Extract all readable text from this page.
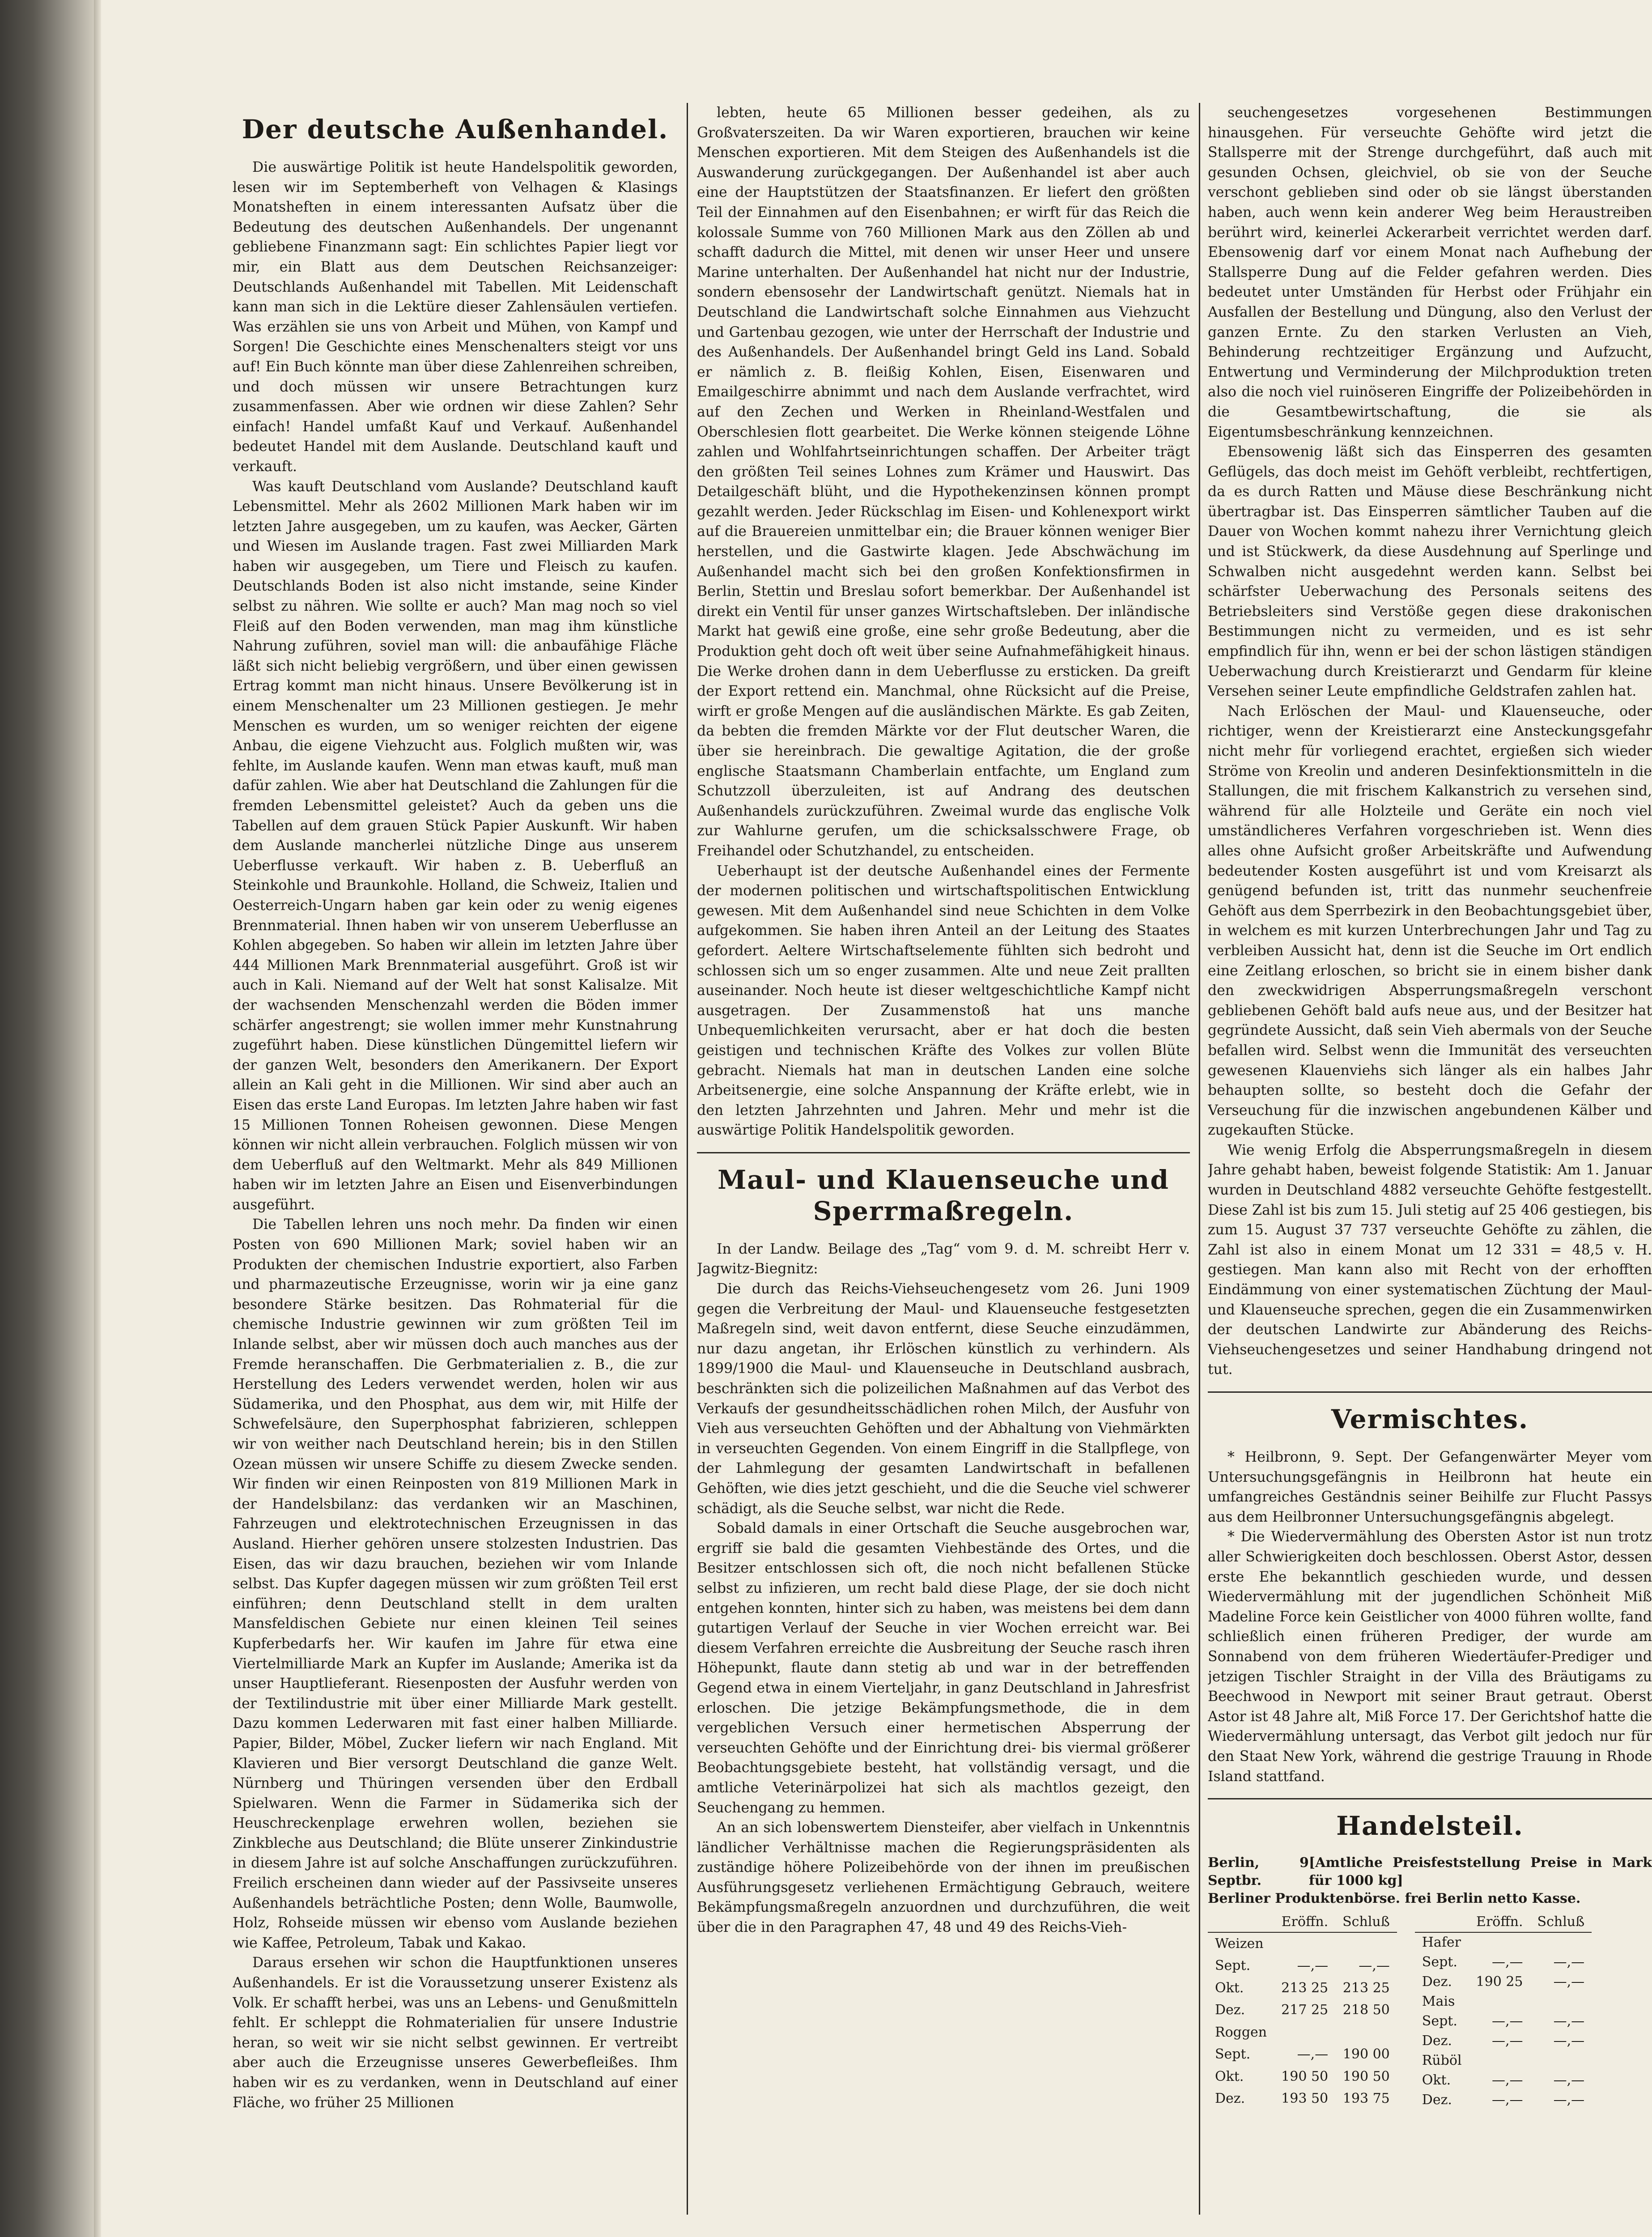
Der deutsche Außenhandel.

Die auswärtige Politik ist heute Handelspolitik geworden, lesen wir im Septemberheft von Velhagen & Klasings Monatsheften in einem interessanten Aufsatz über die Bedeutung des deutschen Außenhandels. Der ungenannt gebliebene Finanzmann sagt: Ein schlichtes Papier liegt vor mir, ein Blatt aus dem Deutschen Reichsanzeiger: Deutschlands Außenhandel mit Tabellen. Mit Leidenschaft kann man sich in die Lektüre dieser Zahlensäulen vertiefen. Was erzählen sie uns von Arbeit und Mühen, von Kampf und Sorgen! Die Geschichte eines Menschenalters steigt vor uns auf! Ein Buch könnte man über diese Zahlenreihen schreiben, und doch müssen wir unsere Betrachtungen kurz zusammenfassen. Aber wie ordnen wir diese Zahlen? Sehr einfach! Handel umfaßt Kauf und Verkauf. Außenhandel bedeutet Handel mit dem Auslande. Deutschland kauft und verkauft.

Was kauft Deutschland vom Auslande? Deutschland kauft Lebensmittel. Mehr als 2602 Millionen Mark haben wir im letzten Jahre ausgegeben, um zu kaufen, was Aecker, Gärten und Wiesen im Auslande tragen. Fast zwei Milliarden Mark haben wir ausgegeben, um Tiere und Fleisch zu kaufen. Deutschlands Boden ist also nicht imstande, seine Kinder selbst zu nähren. Wie sollte er auch? Man mag noch so viel Fleiß auf den Boden verwenden, man mag ihm künstliche Nahrung zuführen, soviel man will: die anbaufähige Fläche läßt sich nicht beliebig vergrößern, und über einen gewissen Ertrag kommt man nicht hinaus. Unsere Bevölkerung ist in einem Menschenalter um 23 Millionen gestiegen. Je mehr Menschen es wurden, um so weniger reichten der eigene Anbau, die eigene Viehzucht aus. Folglich mußten wir, was fehlte, im Auslande kaufen. Wenn man etwas kauft, muß man dafür zahlen. Wie aber hat Deutschland die Zahlungen für die fremden Lebensmittel geleistet? Auch da geben uns die Tabellen auf dem grauen Stück Papier Auskunft. Wir haben dem Auslande mancherlei nützliche Dinge aus unserem Ueberflusse verkauft. Wir haben z. B. Ueberfluß an Steinkohle und Braunkohle. Holland, die Schweiz, Italien und Oesterreich-Ungarn haben gar kein oder zu wenig eigenes Brennmaterial. Ihnen haben wir von unserem Ueberflusse an Kohlen abgegeben. So haben wir allein im letzten Jahre über 444 Millionen Mark Brennmaterial ausgeführt. Groß ist wir auch in Kali. Niemand auf der Welt hat sonst Kalisalze. Mit der wachsenden Menschenzahl werden die Böden immer schärfer angestrengt; sie wollen immer mehr Kunstnahrung zugeführt haben. Diese künstlichen Düngemittel liefern wir der ganzen Welt, besonders den Amerikanern. Der Export allein an Kali geht in die Millionen. Wir sind aber auch an Eisen das erste Land Europas. Im letzten Jahre haben wir fast 15 Millionen Tonnen Roheisen gewonnen. Diese Mengen können wir nicht allein verbrauchen. Folglich müssen wir von dem Ueberfluß auf den Weltmarkt. Mehr als 849 Millionen haben wir im letzten Jahre an Eisen und Eisenverbindungen ausgeführt.

Die Tabellen lehren uns noch mehr. Da finden wir einen Posten von 690 Millionen Mark; soviel haben wir an Produkten der chemischen Industrie exportiert, also Farben und pharmazeutische Erzeugnisse, worin wir ja eine ganz besondere Stärke besitzen. Das Rohmaterial für die chemische Industrie gewinnen wir zum größten Teil im Inlande selbst, aber wir müssen doch auch manches aus der Fremde heranschaffen. Die Gerbmaterialien z. B., die zur Herstellung des Leders verwendet werden, holen wir aus Südamerika, und den Phosphat, aus dem wir, mit Hilfe der Schwefelsäure, den Superphosphat fabrizieren, schleppen wir von weither nach Deutschland herein; bis in den Stillen Ozean müssen wir unsere Schiffe zu diesem Zwecke senden. Wir finden wir einen Reinposten von 819 Millionen Mark in der Handelsbilanz: das verdanken wir an Maschinen, Fahrzeugen und elektrotechnischen Erzeugnissen in das Ausland. Hierher gehören unsere stolzesten Industrien. Das Eisen, das wir dazu brauchen, beziehen wir vom Inlande selbst. Das Kupfer dagegen müssen wir zum größten Teil erst einführen; denn Deutschland stellt in dem uralten Mansfeldischen Gebiete nur einen kleinen Teil seines Kupferbedarfs her. Wir kaufen im Jahre für etwa eine Viertelmilliarde Mark an Kupfer im Auslande; Amerika ist da unser Hauptlieferant. Riesenposten der Ausfuhr werden von der Textilindustrie mit über einer Milliarde Mark gestellt. Dazu kommen Lederwaren mit fast einer halben Milliarde. Papier, Bilder, Möbel, Zucker liefern wir nach England. Mit Klavieren und Bier versorgt Deutschland die ganze Welt. Nürnberg und Thüringen versenden über den Erdball Spielwaren. Wenn die Farmer in Südamerika sich der Heuschreckenplage erwehren wollen, beziehen sie Zinkbleche aus Deutschland; die Blüte unserer Zinkindustrie in diesem Jahre ist auf solche Anschaffungen zurückzuführen. Freilich erscheinen dann wieder auf der Passivseite unseres Außenhandels beträchtliche Posten; denn Wolle, Baumwolle, Holz, Rohseide müssen wir ebenso vom Auslande beziehen wie Kaffee, Petroleum, Tabak und Kakao.

Daraus ersehen wir schon die Hauptfunktionen unseres Außenhandels. Er ist die Voraussetzung unserer Existenz als Volk. Er schafft herbei, was uns an Lebens- und Genußmitteln fehlt. Er schleppt die Rohmaterialien für unsere Industrie heran, so weit wir sie nicht selbst gewinnen. Er vertreibt aber auch die Erzeugnisse unseres Gewerbefleißes. Ihm haben wir es zu verdanken, wenn in Deutschland auf einer Fläche, wo früher 25 Millionen

lebten, heute 65 Millionen besser gedeihen, als zu Großvaterszeiten. Da wir Waren exportieren, brauchen wir keine Menschen exportieren. Mit dem Steigen des Außenhandels ist die Auswanderung zurückgegangen. Der Außenhandel ist aber auch eine der Hauptstützen der Staatsfinanzen. Er liefert den größten Teil der Einnahmen auf den Eisenbahnen; er wirft für das Reich die kolossale Summe von 760 Millionen Mark aus den Zöllen ab und schafft dadurch die Mittel, mit denen wir unser Heer und unsere Marine unterhalten. Der Außenhandel hat nicht nur der Industrie, sondern ebensosehr der Landwirtschaft genützt. Niemals hat in Deutschland die Landwirtschaft solche Einnahmen aus Viehzucht und Gartenbau gezogen, wie unter der Herrschaft der Industrie und des Außenhandels. Der Außenhandel bringt Geld ins Land. Sobald er nämlich z. B. fleißig Kohlen, Eisen, Eisenwaren und Emailgeschirre abnimmt und nach dem Auslande verfrachtet, wird auf den Zechen und Werken in Rheinland-Westfalen und Oberschlesien flott gearbeitet. Die Werke können steigende Löhne zahlen und Wohlfahrtseinrichtungen schaffen. Der Arbeiter trägt den größten Teil seines Lohnes zum Krämer und Hauswirt. Das Detailgeschäft blüht, und die Hypothekenzinsen können prompt gezahlt werden. Jeder Rückschlag im Eisen- und Kohlenexport wirkt auf die Brauereien unmittelbar ein; die Brauer können weniger Bier herstellen, und die Gastwirte klagen. Jede Abschwächung im Außenhandel macht sich bei den großen Konfektionsfirmen in Berlin, Stettin und Breslau sofort bemerkbar. Der Außenhandel ist direkt ein Ventil für unser ganzes Wirtschaftsleben. Der inländische Markt hat gewiß eine große, eine sehr große Bedeutung, aber die Produktion geht doch oft weit über seine Aufnahmefähigkeit hinaus. Die Werke drohen dann in dem Ueberflusse zu ersticken. Da greift der Export rettend ein. Manchmal, ohne Rücksicht auf die Preise, wirft er große Mengen auf die ausländischen Märkte. Es gab Zeiten, da bebten die fremden Märkte vor der Flut deutscher Waren, die über sie hereinbrach. Die gewaltige Agitation, die der große englische Staatsmann Chamberlain entfachte, um England zum Schutzzoll überzuleiten, ist auf Andrang des deutschen Außenhandels zurückzuführen. Zweimal wurde das englische Volk zur Wahlurne gerufen, um die schicksalsschwere Frage, ob Freihandel oder Schutzhandel, zu entscheiden.

Ueberhaupt ist der deutsche Außenhandel eines der Fermente der modernen politischen und wirtschaftspolitischen Entwicklung gewesen. Mit dem Außenhandel sind neue Schichten in dem Volke aufgekommen. Sie haben ihren Anteil an der Leitung des Staates gefordert. Aeltere Wirtschaftselemente fühlten sich bedroht und schlossen sich um so enger zusammen. Alte und neue Zeit prallten auseinander. Noch heute ist dieser weltgeschichtliche Kampf nicht ausgetragen. Der Zusammenstoß hat uns manche Unbequemlichkeiten verursacht, aber er hat doch die besten geistigen und technischen Kräfte des Volkes zur vollen Blüte gebracht. Niemals hat man in deutschen Landen eine solche Arbeitsenergie, eine solche Anspannung der Kräfte erlebt, wie in den letzten Jahrzehnten und Jahren. Mehr und mehr ist die auswärtige Politik Handelspolitik geworden.

Maul- und Klauenseuche und Sperrmaßregeln.

In der Landw. Beilage des „Tag“ vom 9. d. M. schreibt Herr v. Jagwitz-Biegnitz:

Die durch das Reichs-Viehseuchengesetz vom 26. Juni 1909 gegen die Verbreitung der Maul- und Klauenseuche festgesetzten Maßregeln sind, weit davon entfernt, diese Seuche einzudämmen, nur dazu angetan, ihr Erlöschen künstlich zu verhindern. Als 1899/1900 die Maul- und Klauenseuche in Deutschland ausbrach, beschränkten sich die polizeilichen Maßnahmen auf das Verbot des Verkaufs der gesundheitsschädlichen rohen Milch, der Ausfuhr von Vieh aus verseuchten Gehöften und der Abhaltung von Viehmärkten in verseuchten Gegenden. Von einem Eingriff in die Stallpflege, von der Lahmlegung der gesamten Landwirtschaft in befallenen Gehöften, wie dies jetzt geschieht, und die die Seuche viel schwerer schädigt, als die Seuche selbst, war nicht die Rede.

Sobald damals in einer Ortschaft die Seuche ausgebrochen war, ergriff sie bald die gesamten Viehbestände des Ortes, und die Besitzer entschlossen sich oft, die noch nicht befallenen Stücke selbst zu infizieren, um recht bald diese Plage, der sie doch nicht entgehen konnten, hinter sich zu haben, was meistens bei dem dann gutartigen Verlauf der Seuche in vier Wochen erreicht war. Bei diesem Verfahren erreichte die Ausbreitung der Seuche rasch ihren Höhepunkt, flaute dann stetig ab und war in der betreffenden Gegend etwa in einem Vierteljahr, in ganz Deutschland in Jahresfrist erloschen. Die jetzige Bekämpfungsmethode, die in dem vergeblichen Versuch einer hermetischen Absperrung der verseuchten Gehöfte und der Einrichtung drei- bis viermal größerer Beobachtungsgebiete besteht, hat vollständig versagt, und die amtliche Veterinärpolizei hat sich als machtlos gezeigt, den Seuchengang zu hemmen.

An an sich lobenswertem Diensteifer, aber vielfach in Unkenntnis ländlicher Verhältnisse machen die Regierungspräsidenten als zuständige höhere Polizeibehörde von der ihnen im preußischen Ausführungsgesetz verliehenen Ermächtigung Gebrauch, weitere Bekämpfungsmaßregeln anzuordnen und durchzuführen, die weit über die in den Paragraphen 47, 48 und 49 des Reichs-Vieh-

seuchengesetzes vorgesehenen Bestimmungen hinausgehen. Für verseuchte Gehöfte wird jetzt die Stallsperre mit der Strenge durchgeführt, daß auch mit gesunden Ochsen, gleichviel, ob sie von der Seuche verschont geblieben sind oder ob sie längst überstanden haben, auch wenn kein anderer Weg beim Heraustreiben berührt wird, keinerlei Ackerarbeit verrichtet werden darf. Ebensowenig darf vor einem Monat nach Aufhebung der Stallsperre Dung auf die Felder gefahren werden. Dies bedeutet unter Umständen für Herbst oder Frühjahr ein Ausfallen der Bestellung und Düngung, also den Verlust der ganzen Ernte. Zu den starken Verlusten an Vieh, Behinderung rechtzeitiger Ergänzung und Aufzucht, Entwertung und Verminderung der Milchproduktion treten also die noch viel ruinöseren Eingriffe der Polizeibehörden in die Gesamtbewirtschaftung, die sie als Eigentumsbeschränkung kennzeichnen.

Ebensowenig läßt sich das Einsperren des gesamten Geflügels, das doch meist im Gehöft verbleibt, rechtfertigen, da es durch Ratten und Mäuse diese Beschränkung nicht übertragbar ist. Das Einsperren sämtlicher Tauben auf die Dauer von Wochen kommt nahezu ihrer Vernichtung gleich und ist Stückwerk, da diese Ausdehnung auf Sperlinge und Schwalben nicht ausgedehnt werden kann. Selbst bei schärfster Ueberwachung des Personals seitens des Betriebsleiters sind Verstöße gegen diese drakonischen Bestimmungen nicht zu vermeiden, und es ist sehr empfindlich für ihn, wenn er bei der schon lästigen ständigen Ueberwachung durch Kreistierarzt und Gendarm für kleine Versehen seiner Leute empfindliche Geldstrafen zahlen hat.

Nach Erlöschen der Maul- und Klauenseuche, oder richtiger, wenn der Kreistierarzt eine Ansteckungsgefahr nicht mehr für vorliegend erachtet, ergießen sich wieder Ströme von Kreolin und anderen Desinfektionsmitteln in die Stallungen, die mit frischem Kalkanstrich zu versehen sind, während für alle Holzteile und Geräte ein noch viel umständlicheres Verfahren vorgeschrieben ist. Wenn dies alles ohne Aufsicht großer Arbeitskräfte und Aufwendung bedeutender Kosten ausgeführt ist und vom Kreisarzt als genügend befunden ist, tritt das nunmehr seuchenfreie Gehöft aus dem Sperrbezirk in den Beobachtungsgebiet über, in welchem es mit kurzen Unterbrechungen Jahr und Tag zu verbleiben Aussicht hat, denn ist die Seuche im Ort endlich eine Zeitlang erloschen, so bricht sie in einem bisher dank den zweckwidrigen Absperrungsmaßregeln verschont gebliebenen Gehöft bald aufs neue aus, und der Besitzer hat gegründete Aussicht, daß sein Vieh abermals von der Seuche befallen wird. Selbst wenn die Immunität des verseuchten gewesenen Klauenviehs sich länger als ein halbes Jahr behaupten sollte, so besteht doch die Gefahr der Verseuchung für die inzwischen angebundenen Kälber und zugekauften Stücke.

Wie wenig Erfolg die Absperrungsmaßregeln in diesem Jahre gehabt haben, beweist folgende Statistik: Am 1. Januar wurden in Deutschland 4882 verseuchte Gehöfte festgestellt. Diese Zahl ist bis zum 15. Juli stetig auf 25 406 gestiegen, bis zum 15. August 37 737 verseuchte Gehöfte zu zählen, die Zahl ist also in einem Monat um 12 331 = 48,5 v. H. gestiegen. Man kann also mit Recht von der erhofften Eindämmung von einer systematischen Züchtung der Maul- und Klauenseuche sprechen, gegen die ein Zusammenwirken der deutschen Landwirte zur Abänderung des Reichs-Viehseuchengesetzes und seiner Handhabung dringend not tut.

Vermischtes.

* Heilbronn, 9. Sept. Der Gefangenwärter Meyer vom Untersuchungsgefängnis in Heilbronn hat heute ein umfangreiches Geständnis seiner Beihilfe zur Flucht Passys aus dem Heilbronner Untersuchungsgefängnis abgelegt.

* Die Wiedervermählung des Obersten Astor ist nun trotz aller Schwierigkeiten doch beschlossen. Oberst Astor, dessen erste Ehe bekanntlich geschieden wurde, und dessen Wiedervermählung mit der jugendlichen Schönheit Miß Madeline Force kein Geistlicher von 4000 führen wollte, fand schließlich einen früheren Prediger, der wurde am Sonnabend von dem früheren Wiedertäufer-Prediger und jetzigen Tischler Straight in der Villa des Bräutigams zu Beechwood in Newport mit seiner Braut getraut. Oberst Astor ist 48 Jahre alt, Miß Force 17. Der Gerichtshof hatte die Wiedervermählung untersagt, das Verbot gilt jedoch nur für den Staat New York, während die gestrige Trauung in Rhode Island stattfand.

Handelsteil.
Berlin, 9 Septbr.
[Amtliche Preisfeststellung Preise in Mark für 1000 kg]
Berliner Produktenbörse. frei Berlin netto Kasse.
	Eröffn.	Schluß
Weizen		
Sept.	—,—	—,—
Okt.	213 25	213 25
Dez.	217 25	218 50
Roggen		
Sept.	—,—	190 00
Okt.	190 50	190 50
Dez.	193 50	193 75
	Eröffn.	Schluß
Hafer		
Sept.	—,—	—,—
Dez.	190 25	—,—
Mais		
Sept.	—,—	—,—
Dez.	—,—	—,—
Rüböl		
Okt.	—,—	—,—
Dez.	—,—	—,—
